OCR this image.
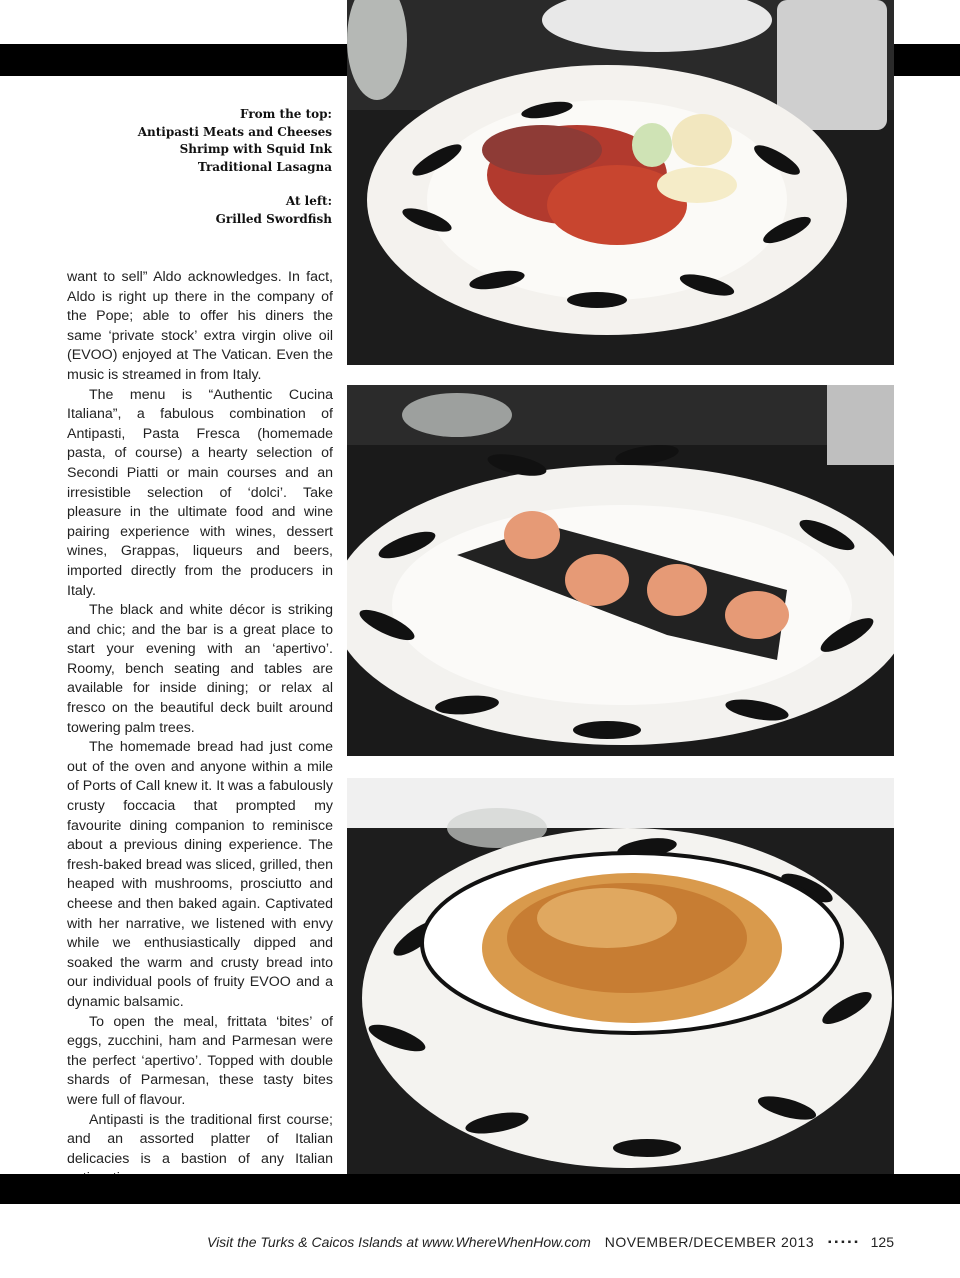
From the top:
Antipasti Meats and Cheeses
Shrimp with Squid Ink
Traditional Lasagna
At left:
Grilled Swordfish

want to sell” Aldo acknowledges. In fact, Aldo is right up there in the company of the Pope; able to offer his diners the same ‘private stock’ extra virgin olive oil (EVOO) enjoyed at The Vatican. Even the music is streamed in from Italy.

The menu is “Authentic Cucina Italiana”, a fabulous combination of Antipasti, Pasta Fresca (homemade pasta, of course) a hearty selection of Secondi Piatti or main courses and an irresistible selection of ‘dolci’. Take pleasure in the ultimate food and wine pairing experience with wines, dessert wines, Grappas, liqueurs and beers, imported directly from the producers in Italy.

The black and white décor is striking and chic; and the bar is a great place to start your evening with an ‘apertivo’. Roomy, bench seating and tables are available for inside dining; or relax al fresco on the beautiful deck built around towering palm trees.

The homemade bread had just come out of the oven and anyone within a mile of Ports of Call knew it. It was a fabulously crusty foccacia that prompted my favourite dining companion to reminisce about a previous dining experience. The fresh-baked bread was sliced, grilled, then heaped with mushrooms, prosciutto and cheese and then baked again. Captivated with her narrative, we listened with envy while we enthusiastically dipped and soaked the warm and crusty bread into our individual pools of fruity EVOO and a dynamic balsamic.

To open the meal, frittata ‘bites’ of eggs, zucchini, ham and Parmesan were the perfect ‘apertivo’. Topped with double shards of Parmesan, these tasty bites were full of flavour.

Antipasti is the traditional first course; and an assorted platter of Italian delicacies is a bastion of any Italian

Visit the Turks & Caicos Islands at www.WhereWhenHow.com NOVEMBER/DECEMBER 2013 ▪▪▪▪▪ 125
